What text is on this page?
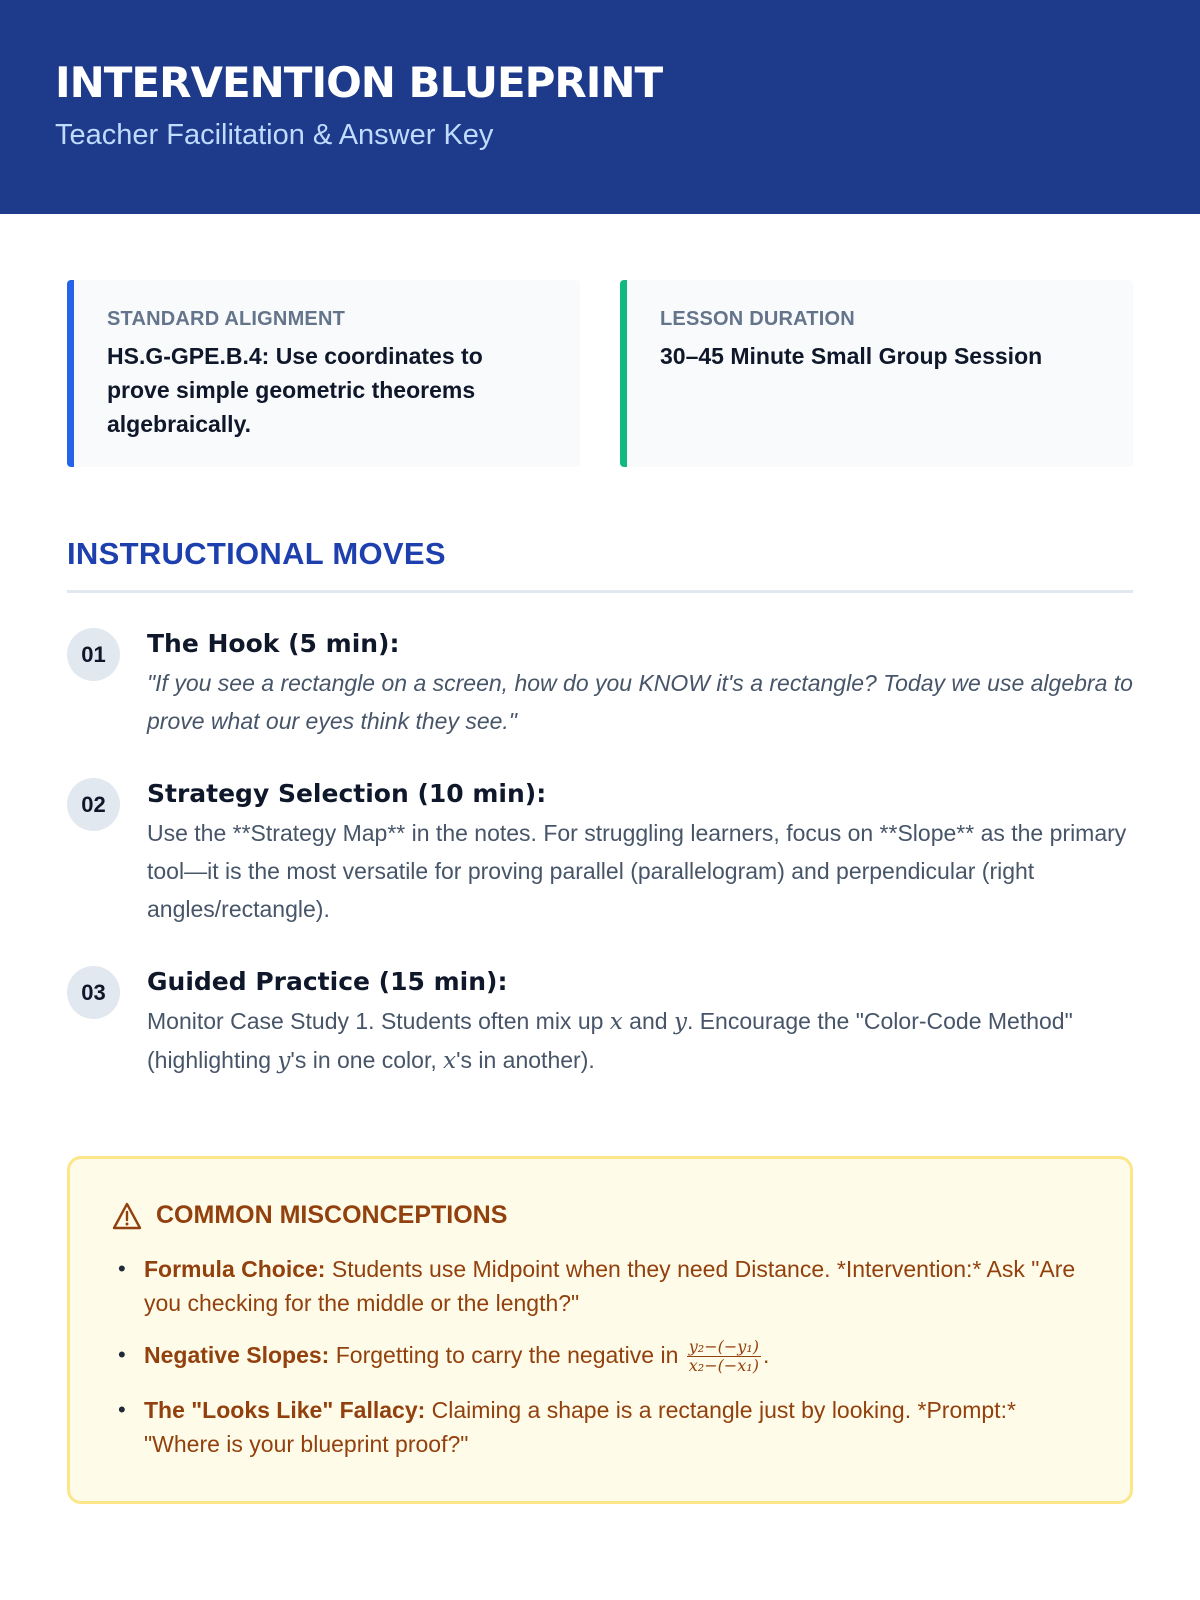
INTERVENTION BLUEPRINT
Teacher Facilitation & Answer Key
STANDARD ALIGNMENT
HS.G-GPE.B.4: Use coordinates to prove simple geometric theorems algebraically.
LESSON DURATION
30–45 Minute Small Group Session
INSTRUCTIONAL MOVES
01	The Hook (5 min):
"If you see a rectangle on a screen, how do you KNOW it's a rectangle? Today we use algebra to prove what our eyes think they see."
02	Strategy Selection (10 min):
Use the **Strategy Map** in the notes. For struggling learners, focus on **Slope** as the primary tool—it is the most versatile for proving parallel (parallelogram) and perpendicular (right angles/rectangle).
03	Guided Practice (15 min):
Monitor Case Study 1. Students often mix up x and y. Encourage the "Color-Code Method" (highlighting y's in one color, x's in another).
COMMON MISCONCEPTIONS
• Formula Choice: Students use Midpoint when they need Distance. *Intervention:* Ask "Are you checking for the middle or the length?"
• Negative Slopes: Forgetting to carry the negative in $\frac{\text{y₂−(−y₁)}}{\text{x₂−(−x₁)}}$ .
• The "Looks Like" Fallacy: Claiming a shape is a rectangle just by looking. *Prompt:* "Where is your blueprint proof?"
